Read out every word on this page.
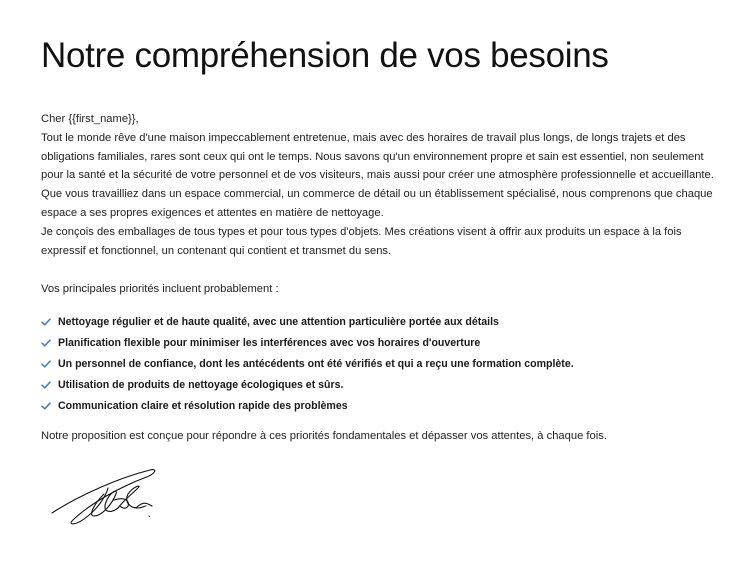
Notre compréhension de vos besoins

Cher {{first_name}},

Tout le monde rêve d'une maison impeccablement entretenue, mais avec des horaires de travail plus longs, de longs trajets et des obligations familiales, rares sont ceux qui ont le temps. Nous savons qu'un environnement propre et sain est essentiel, non seulement pour la santé et la sécurité de votre personnel et de vos visiteurs, mais aussi pour créer une atmosphère professionnelle et accueillante. Que vous travailliez dans un espace commercial, un commerce de détail ou un établissement spécialisé, nous comprenons que chaque espace a ses propres exigences et attentes en matière de nettoyage.

Je conçois des emballages de tous types et pour tous types d'objets. Mes créations visent à offrir aux produits un espace à la fois expressif et fonctionnel, un contenant qui contient et transmet du sens.

Vos principales priorités incluent probablement :
Nettoyage régulier et de haute qualité, avec une attention particulière portée aux détails
Planification flexible pour minimiser les interférences avec vos horaires d'ouverture
Un personnel de confiance, dont les antécédents ont été vérifiés et qui a reçu une formation complète.
Utilisation de produits de nettoyage écologiques et sûrs.
Communication claire et résolution rapide des problèmes
Notre proposition est conçue pour répondre à ces priorités fondamentales et dépasser vos attentes, à chaque fois.
